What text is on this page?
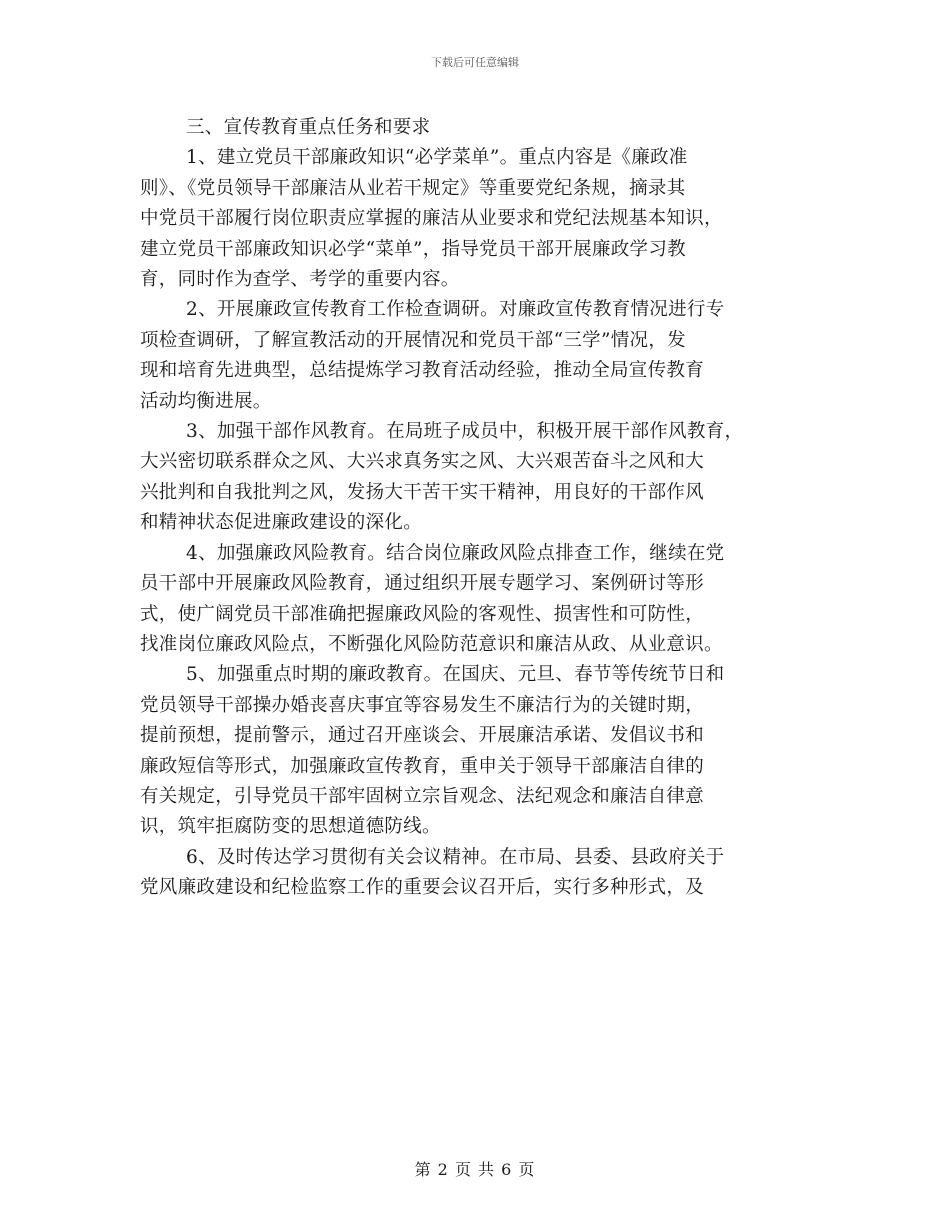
下载后可任意编辑
三、宣传教育重点任务和要求
1、建立党员干部廉政知识“必学菜单”。重点内容是《廉政准
则》、《党员领导干部廉洁从业若干规定》等重要党纪条规，摘录其
中党员干部履行岗位职责应掌握的廉洁从业要求和党纪法规基本知识，
建立党员干部廉政知识必学“菜单”，指导党员干部开展廉政学习教
育，同时作为查学、考学的重要内容。
2、开展廉政宣传教育工作检查调研。对廉政宣传教育情况进行专
项检查调研，了解宣教活动的开展情况和党员干部“三学”情况，发
现和培育先进典型，总结提炼学习教育活动经验，推动全局宣传教育
活动均衡进展。
3、加强干部作风教育。在局班子成员中，积极开展干部作风教育，
大兴密切联系群众之风、大兴求真务实之风、大兴艰苦奋斗之风和大
兴批判和自我批判之风，发扬大干苦干实干精神，用良好的干部作风
和精神状态促进廉政建设的深化。
4、加强廉政风险教育。结合岗位廉政风险点排查工作，继续在党
员干部中开展廉政风险教育，通过组织开展专题学习、案例研讨等形
式，使广阔党员干部准确把握廉政风险的客观性、损害性和可防性，
找准岗位廉政风险点，不断强化风险防范意识和廉洁从政、从业意识。
5、加强重点时期的廉政教育。在国庆、元旦、春节等传统节日和
党员领导干部操办婚丧喜庆事宜等容易发生不廉洁行为的关键时期，
提前预想，提前警示，通过召开座谈会、开展廉洁承诺、发倡议书和
廉政短信等形式，加强廉政宣传教育，重申关于领导干部廉洁自律的
有关规定，引导党员干部牢固树立宗旨观念、法纪观念和廉洁自律意
识，筑牢拒腐防变的思想道德防线。
6、及时传达学习贯彻有关会议精神。在市局、县委、县政府关于
党风廉政建设和纪检监察工作的重要会议召开后，实行多种形式，及
第 2 页 共 6 页
